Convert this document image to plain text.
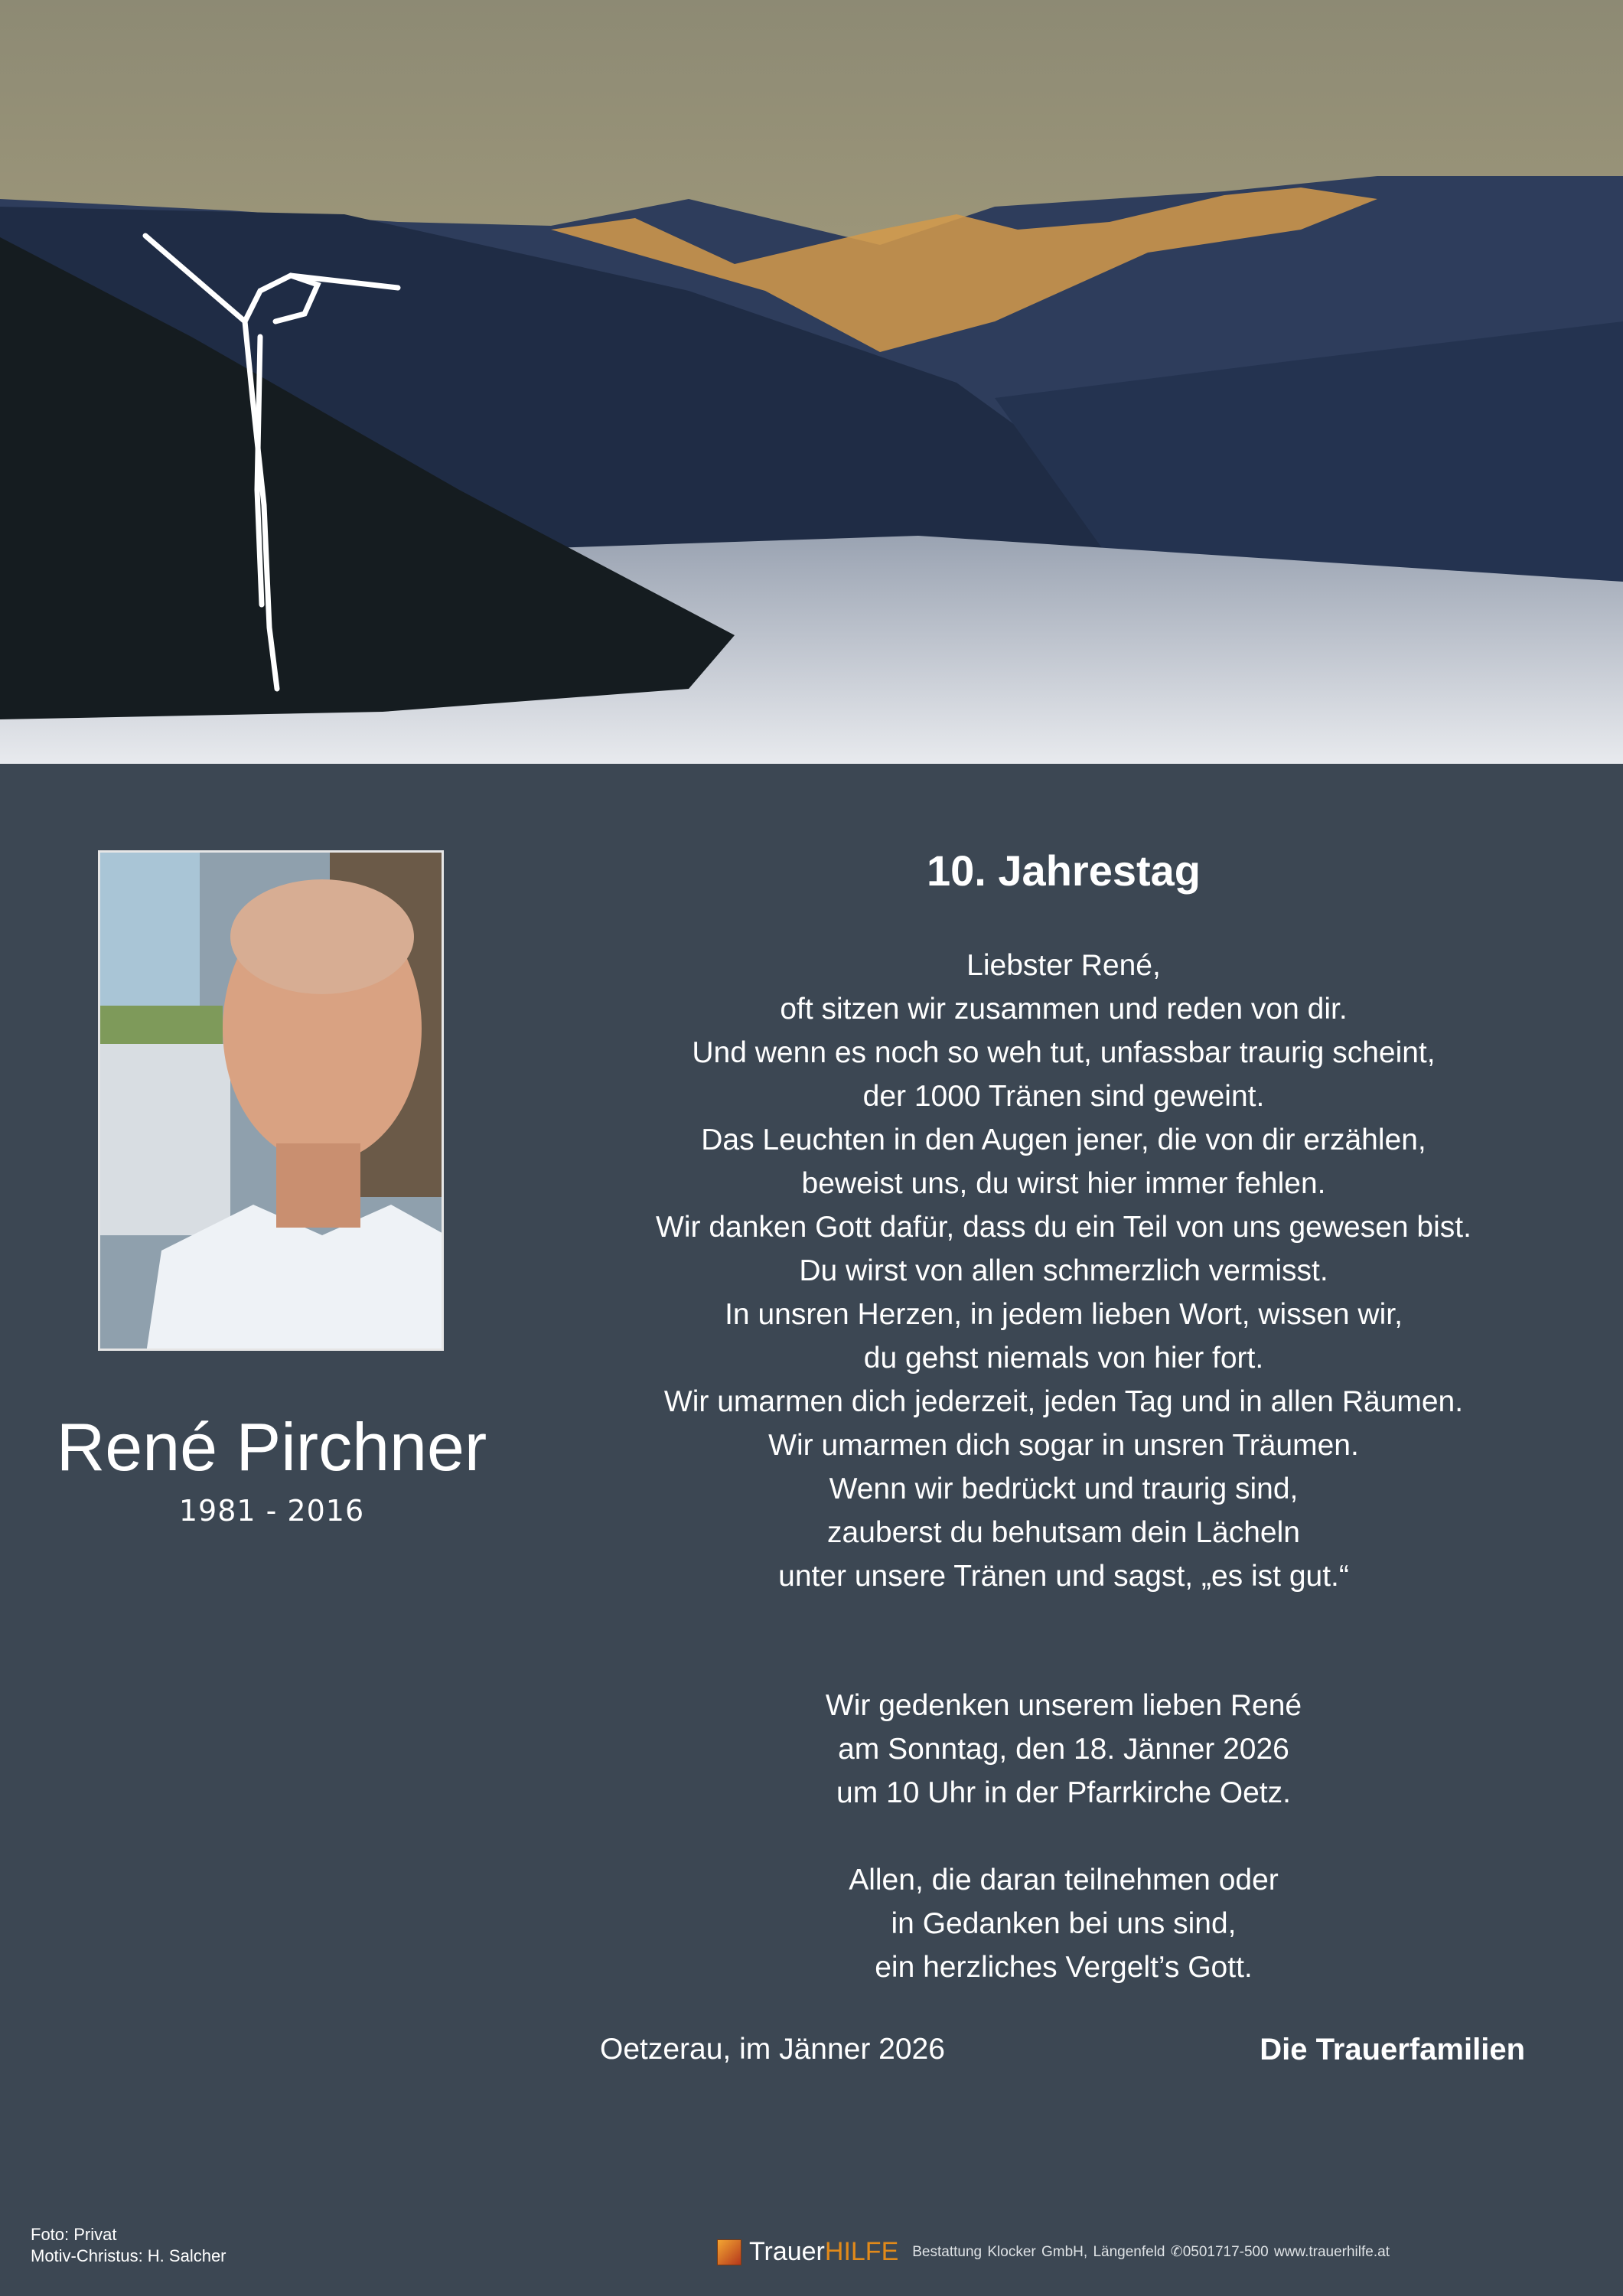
René Pirchner
1981 - 2016
10. Jahrestag
Liebster René,
oft sitzen wir zusammen und reden von dir.
Und wenn es noch so weh tut, unfassbar traurig scheint,
der 1000 Tränen sind geweint.
Das Leuchten in den Augen jener, die von dir erzählen,
beweist uns, du wirst hier immer fehlen.
Wir danken Gott dafür, dass du ein Teil von uns gewesen bist.
Du wirst von allen schmerzlich vermisst.
In unsren Herzen, in jedem lieben Wort, wissen wir,
du gehst niemals von hier fort.
Wir umarmen dich jederzeit, jeden Tag und in allen Räumen.
Wir umarmen dich sogar in unsren Träumen.
Wenn wir bedrückt und traurig sind,
zauberst du behutsam dein Lächeln
unter unsere Tränen und sagst, „es ist gut.“
Wir gedenken unserem lieben René
am Sonntag, den 18. Jänner 2026
um 10 Uhr in der Pfarrkirche Oetz.
Allen, die daran teilnehmen oder
in Gedanken bei uns sind,
ein herzliches Vergelt’s Gott.
Oetzerau, im Jänner 2026	Die Trauerfamilien
Foto: Privat
Motiv-Christus: H. Salcher	TrauerHILFE Bestattung Klocker GmbH, Längenfeld ✆0501717-500 www.trauerhilfe.at
